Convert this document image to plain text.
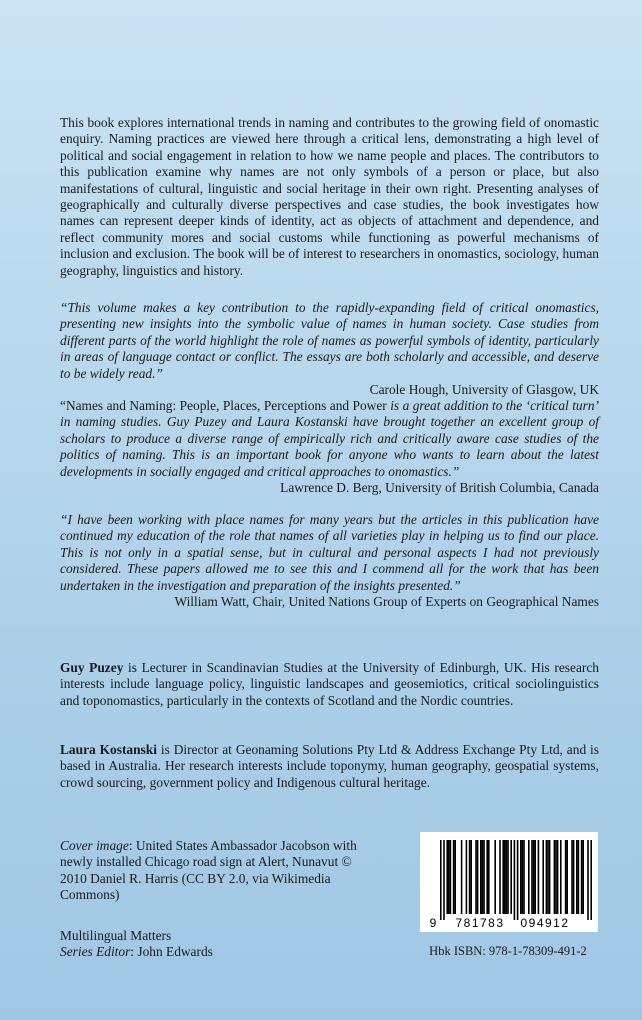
This book explores international trends in naming and contributes to the growing field of onomastic enquiry. Naming practices are viewed here through a critical lens, demonstrating a high level of political and social engagement in relation to how we name people and places. The contributors to this publication examine why names are not only symbols of a person or place, but also manifestations of cultural, linguistic and social heritage in their own right. Presenting analyses of geographically and culturally diverse perspectives and case studies, the book investigates how names can represent deeper kinds of identity, act as objects of attachment and dependence, and reflect community mores and social customs while functioning as powerful mechanisms of inclusion and exclusion. The book will be of interest to researchers in onomastics, sociology, human geography, linguistics and history.

“This volume makes a key contribution to the rapidly-expanding field of critical onomastics, presenting new insights into the symbolic value of names in human society. Case studies from different parts of the world highlight the role of names as powerful symbols of identity, particularly in areas of language contact or conflict. The essays are both scholarly and accessible, and deserve to be widely read.”

Carole Hough, University of Glasgow, UK

“Names and Naming: People, Places, Perceptions and Power is a great addition to the ‘critical turn’ in naming studies. Guy Puzey and Laura Kostanski have brought together an excellent group of scholars to produce a diverse range of empirically rich and critically aware case studies of the politics of naming. This is an important book for anyone who wants to learn about the latest developments in socially engaged and critical approaches to onomastics.”

Lawrence D. Berg, University of British Columbia, Canada

“I have been working with place names for many years but the articles in this publication have continued my education of the role that names of all varieties play in helping us to find our place. This is not only in a spatial sense, but in cultural and personal aspects I had not previously considered. These papers allowed me to see this and I commend all for the work that has been undertaken in the investigation and preparation of the insights presented.”

William Watt, Chair, United Nations Group of Experts on Geographical Names

Guy Puzey is Lecturer in Scandinavian Studies at the University of Edinburgh, UK. His research interests include language policy, linguistic landscapes and geosemiotics, critical sociolinguistics and toponomastics, particularly in the contexts of Scotland and the Nordic countries.

Laura Kostanski is Director at Geonaming Solutions Pty Ltd & Address Exchange Pty Ltd, and is based in Australia. Her research interests include toponymy, human geography, geospatial systems, crowd sourcing, government policy and Indigenous cultural heritage.

Cover image: United States Ambassador Jacobson with newly installed Chicago road sign at Alert, Nunavut © 2010 Daniel R. Harris (CC BY 2.0, via Wikimedia Commons)

Multilingual Matters

Series Editor: John Edwards

9 781783 094912
Hbk ISBN: 978-1-78309-491-2
